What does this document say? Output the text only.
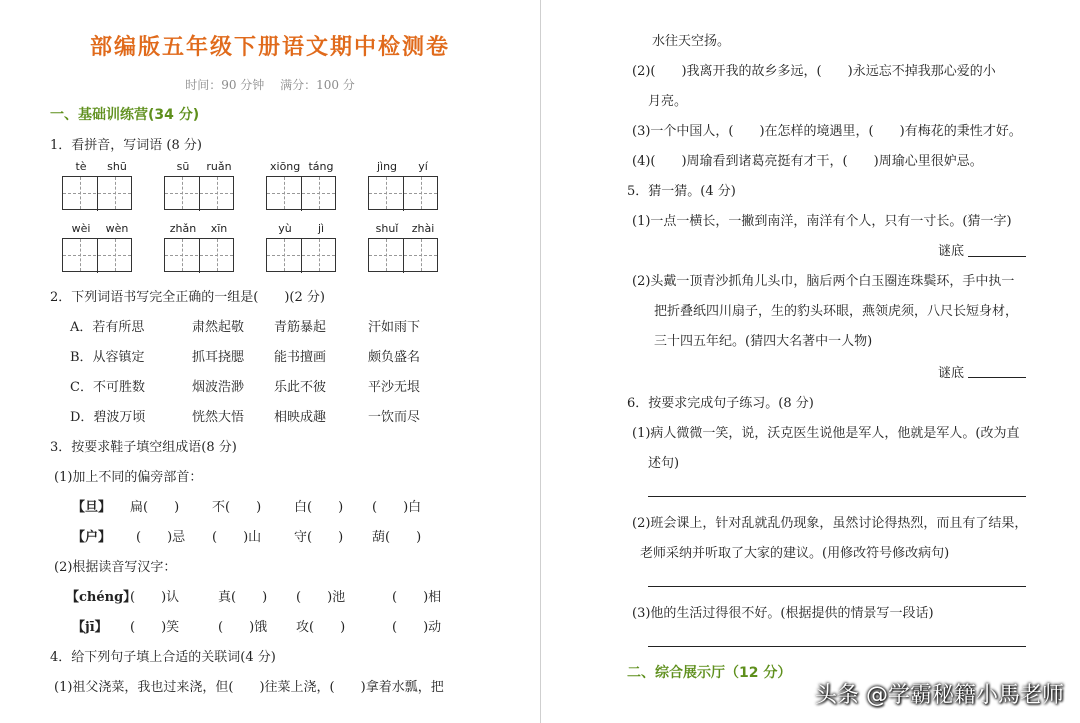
部编版五年级下册语文期中检测卷
时间：90 分钟　 满分：100 分
一、基础训练营(34 分)
1．看拼音，写词语 (8 分)
tè	shū	sū	ruǎn	xiōng táng	jìng	yí
wèi	wèn	zhǎn	xīn	yù	jì	shuǐ	zhài
2．下列词语书写完全正确的一组是(　　)(2 分)
A．若有所思	肃然起敬 青筋暴起	汗如雨下
B．从容镇定	抓耳挠腮 能书擅画	颇负盛名
C．不可胜数	烟波浩渺 乐此不彼	平沙无垠
D．碧波万顷	恍然大悟 相映成趣	一饮而尽
3．按要求鞋子填空组成语(8 分)
(1)加上不同的偏旁部首：
【旦】 扁(　　)	不(　　)	白(　　) (　　)白
【户】 (　　)忌 (　　)山	守(　　) 葫(　　)
(2)根据读音写汉字：
【chéng】
(　　)认	真(　　) (　　)池	(　　)相
【jī】 (　　)笑	(　　)饿 攻(　　)	(　　)动
4．给下列句子填上合适的关联词(4 分)
(1)祖父浇菜，我也过来浇，但(　　)往菜上浇，(　　)拿着水瓢，把
水往天空扬。
(2)(　　)我离开我的故乡多远，(　　)永远忘不掉我那心爱的小
月亮。
(3)一个中国人，(　　)在怎样的境遇里，(　　)有梅花的秉性才好。
(4)(　　)周瑜看到诸葛亮挺有才干，(　　)周瑜心里很妒忌。
5．猜一猜。(4 分)
(1)一点一横长，一撇到南洋，南洋有个人，只有一寸长。(猜一字)
谜底
(2)头戴一顶青沙抓角儿头巾，脑后两个白玉圈连珠鬓环，手中执一
把折叠纸四川扇子，生的豹头环眼，燕领虎须，八尺长短身材，
三十四五年纪。(猜四大名著中一人物)
谜底
6．按要求完成句子练习。(8 分)
(1)病人微微一笑，说，沃克医生说他是军人，他就是军人。(改为直
述句)
(2)班会课上，针对乱就乱仍现象，虽然讨论得热烈，而且有了结果，
老师采纳并听取了大家的建议。(用修改符号修改病句)
(3)他的生活过得很不好。(根据提供的情景写一段话)
二、综合展示厅（12 分）
头条 @学霸秘籍小馬老师
